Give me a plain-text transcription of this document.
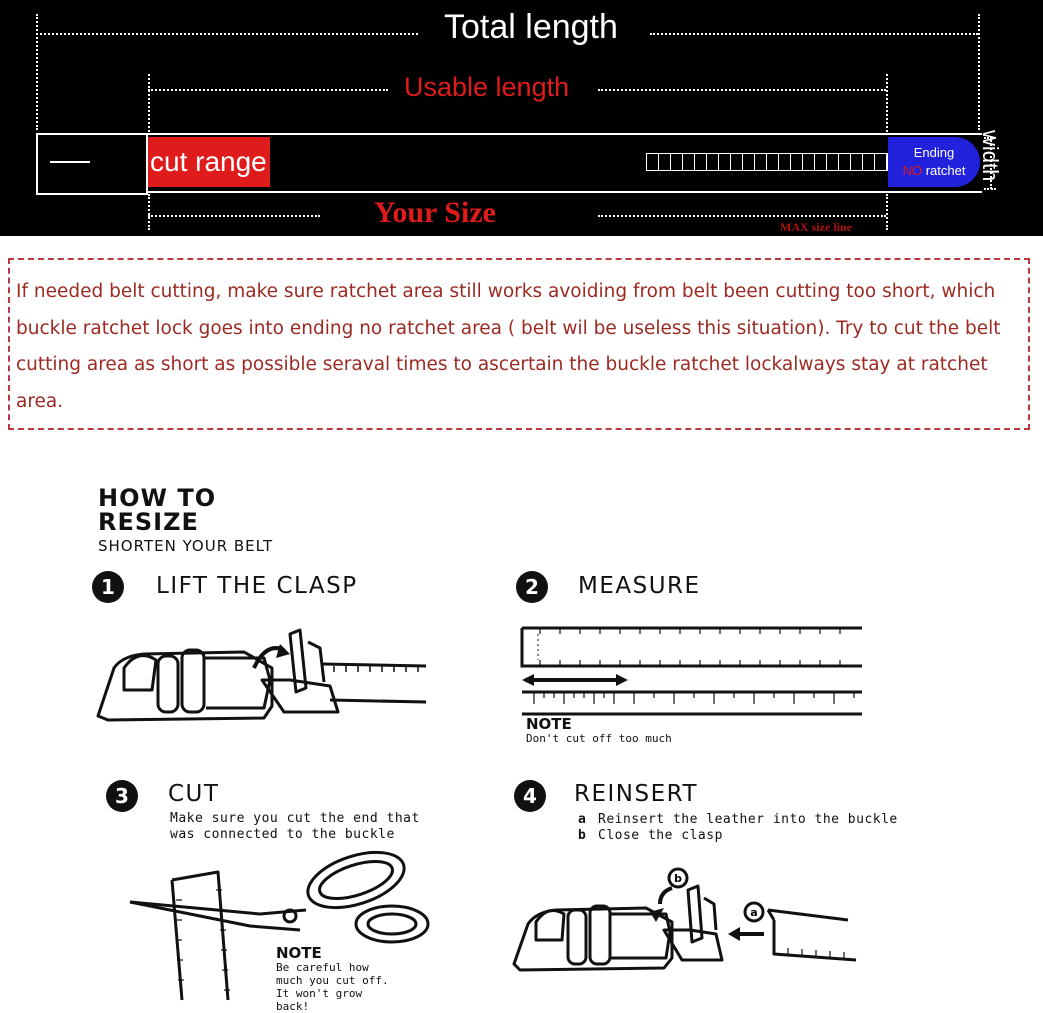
Total length
Usable length
cut range	Ending
NO ratchet width
Your Size	MAX size line
If needed belt cutting, make sure ratchet area still works avoiding from belt been cutting too short, which buckle ratchet lock goes into ending no ratchet area ( belt wil be useless this situation). Try to cut the belt cutting area as short as possible seraval times to ascertain the buckle ratchet lockalways stay at ratchet area.
HOW TO
RESIZE
SHORTEN YOUR BELT
1	LIFT THE CLASP	2	MEASURE
NOTE
Don't cut off too much
3	CUT
Make sure you cut the end that was connected to the buckle
NOTE
Be careful how much you cut off. It won't grow back!
4	REINSERT
a Reinsert the leather into the buckle
b Close the clasp
b
a
